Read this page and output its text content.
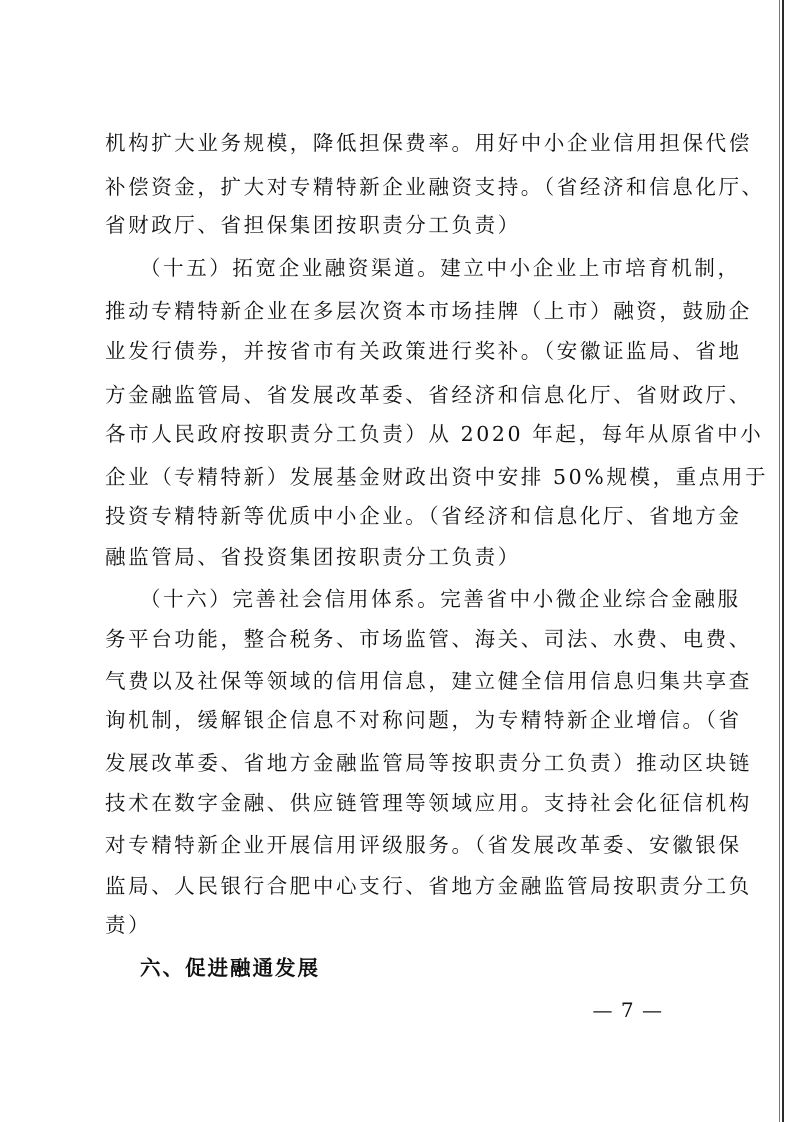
机构扩大业务规模，降低担保费率。用好中小企业信用担保代偿
补偿资金，扩大对专精特新企业融资支持。（省经济和信息化厅、
省财政厅、省担保集团按职责分工负责）
（十五）拓宽企业融资渠道。建立中小企业上市培育机制，
推动专精特新企业在多层次资本市场挂牌（上市）融资，鼓励企
业发行债券，并按省市有关政策进行奖补。（安徽证监局、省地
方金融监管局、省发展改革委、省经济和信息化厅、省财政厅、
各市人民政府按职责分工负责）从 2020 年起，每年从原省中小
企业（专精特新）发展基金财政出资中安排 50%规模，重点用于
投资专精特新等优质中小企业。（省经济和信息化厅、省地方金
融监管局、省投资集团按职责分工负责）
（十六）完善社会信用体系。完善省中小微企业综合金融服
务平台功能，整合税务、市场监管、海关、司法、水费、电费、
气费以及社保等领域的信用信息，建立健全信用信息归集共享查
询机制，缓解银企信息不对称问题，为专精特新企业增信。（省
发展改革委、省地方金融监管局等按职责分工负责）推动区块链
技术在数字金融、供应链管理等领域应用。支持社会化征信机构
对专精特新企业开展信用评级服务。（省发展改革委、安徽银保
监局、人民银行合肥中心支行、省地方金融监管局按职责分工负
责）
六、促进融通发展
— 7 —
